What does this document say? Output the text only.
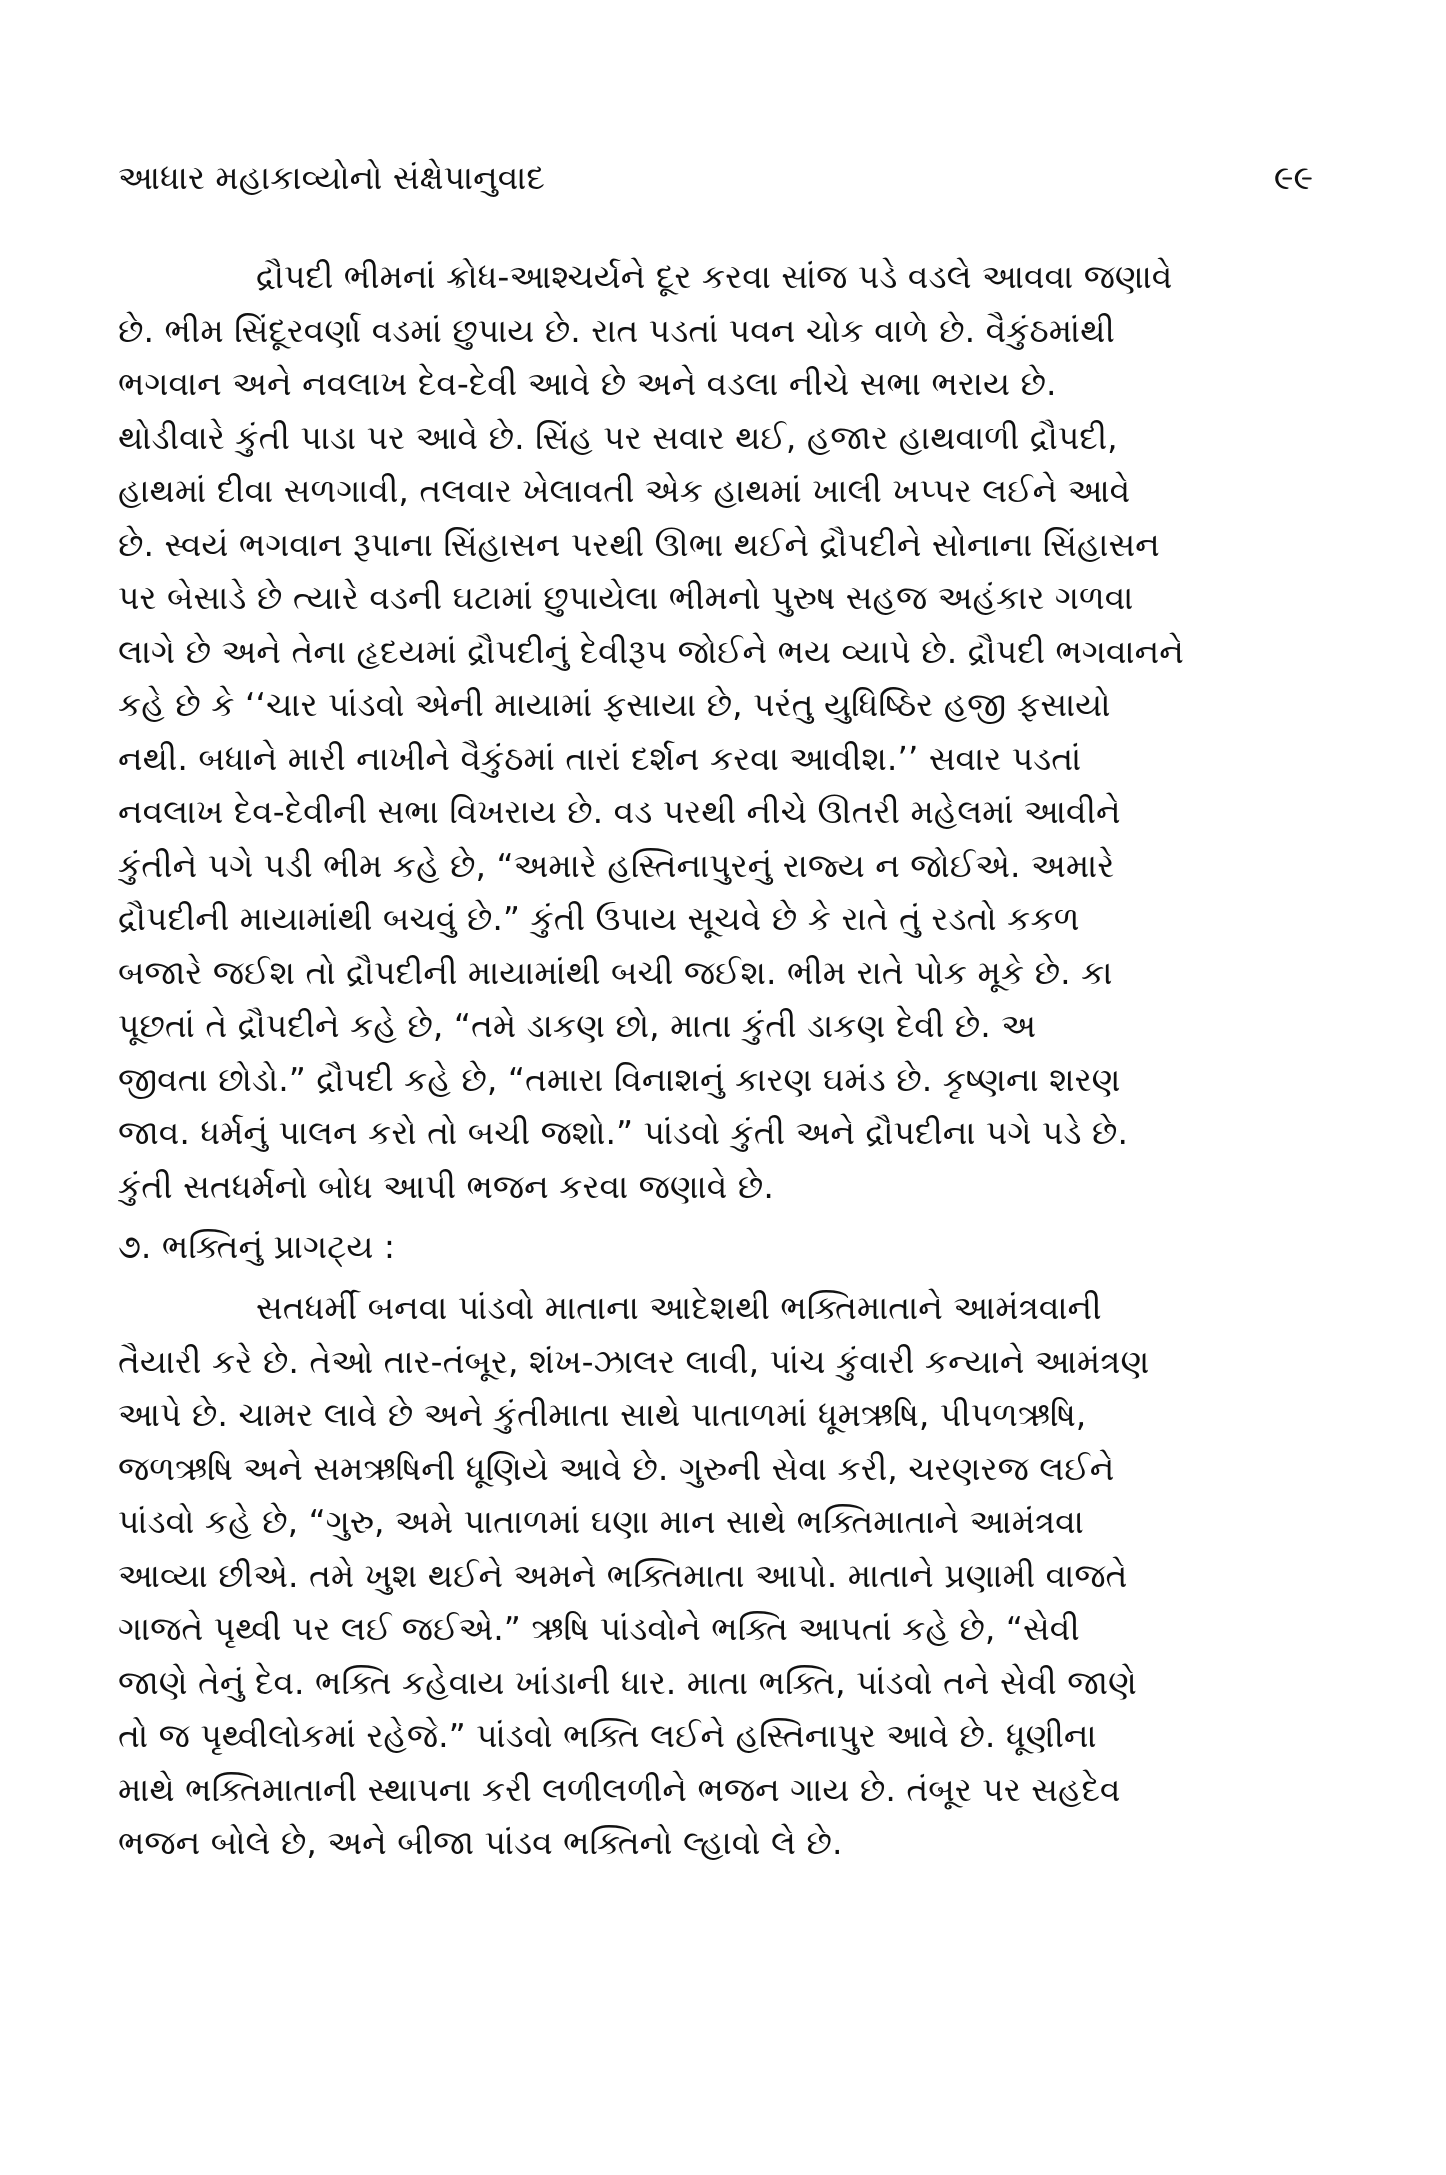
આધાર મહાકાવ્યોનો સંક્ષેપાનુવાદ	૯૯
દ્રૌપદી ભીમનાં ક્રોધ-આશ્ચર્યને દૂર કરવા સાંજ પડે વડલે આવવા જણાવે
છે. ભીમ સિંદૂરવર્ણા વડમાં છુપાય છે. રાત પડતાં પવન ચોક વાળે છે. વૈકુંઠમાંથી
ભગવાન અને નવલાખ દેવ-દેવી આવે છે અને વડલા નીચે સભા ભરાય છે.
થોડીવારે કુંતી પાડા પર આવે છે. સિંહ પર સવાર થઈ, હજાર હાથવાળી દ્રૌપદી,
હાથમાં દીવા સળગાવી, તલવાર ખેલાવતી એક હાથમાં ખાલી ખપ્પર લઈને આવે
છે. સ્વયં ભગવાન રૂપાના સિંહાસન પરથી ઊભા થઈને દ્રૌપદીને સોનાના સિંહાસન
પર બેસાડે છે ત્યારે વડની ઘટામાં છુપાયેલા ભીમનો પુરુષ સહજ અહંકાર ગળવા
લાગે છે અને તેના હૃદયમાં દ્રૌપદીનું દેવીરૂપ જોઈને ભય વ્યાપે છે. દ્રૌપદી ભગવાનને
કહે છે કે ‘‘ચાર પાંડવો એની માયામાં ફસાયા છે, પરંતુ યુધિષ્ઠિર હજી ફસાયો
નથી. બધાને મારી નાખીને વૈકુંઠમાં તારાં દર્શન કરવા આવીશ.’’ સવાર પડતાં
નવલાખ દેવ-દેવીની સભા વિખરાય છે. વડ પરથી નીચે ઊતરી મહેલમાં આવીને
કુંતીને પગે પડી ભીમ કહે છે, “અમારે હસ્તિનાપુરનું રાજ્ય ન જોઈએ. અમારે
દ્રૌપદીની માયામાંથી બચવું છે.” કુંતી ઉપાય સૂચવે છે કે રાતે તું રડતો કકળ
બજારે જઈશ તો દ્રૌપદીની માયામાંથી બચી જઈશ. ભીમ રાતે પોક મૂકે છે. કા
પૂછતાં તે દ્રૌપદીને કહે છે, “તમે ડાકણ છો, માતા કુંતી ડાકણ દેવી છે. અ
જીવતા છોડો.” દ્રૌપદી કહે છે, “તમારા વિનાશનું કારણ ઘમંડ છે. કૃષ્ણના શરણ
જાવ. ધર્મનું પાલન કરો તો બચી જશો.” પાંડવો કુંતી અને દ્રૌપદીના પગે પડે છે.
કુંતી સતધર્મનો બોધ આપી ભજન કરવા જણાવે છે.
૭. ભક્તિનું પ્રાગટ્ય :
સતધર્મી બનવા પાંડવો માતાના આદેશથી ભક્તિમાતાને આમંત્રવાની
તૈયારી કરે છે. તેઓ તાર-તંબૂર, શંખ-ઝાલર લાવી, પાંચ કુંવારી કન્યાને આમંત્રણ
આપે છે. ચામર લાવે છે અને કુંતીમાતા સાથે પાતાળમાં ધૂમઋષિ, પીપળઋષિ,
જળઋષિ અને સમઋષિની ધૂણિયે આવે છે. ગુરુની સેવા કરી, ચરણરજ લઈને
પાંડવો કહે છે, “ગુરુ, અમે પાતાળમાં ઘણા માન સાથે ભક્તિમાતાને આમંત્રવા
આવ્યા છીએ. તમે ખુશ થઈને અમને ભક્તિમાતા આપો. માતાને પ્રણામી વાજતે
ગાજતે પૃથ્વી પર લઈ જઈએ.” ઋષિ પાંડવોને ભક્તિ આપતાં કહે છે, “સેવી
જાણે તેનું દેવ. ભક્તિ કહેવાય ખાંડાની ધાર. માતા ભક્તિ, પાંડવો તને સેવી જાણે
તો જ પૃથ્વીલોકમાં રહેજે.” પાંડવો ભક્તિ લઈને હસ્તિનાપુર આવે છે. ધૂણીના
માથે ભક્તિમાતાની સ્થાપના કરી લળીલળીને ભજન ગાય છે. તંબૂર પર સહદેવ
ભજન બોલે છે, અને બીજા પાંડવ ભક્તિનો લ્હાવો લે છે.
